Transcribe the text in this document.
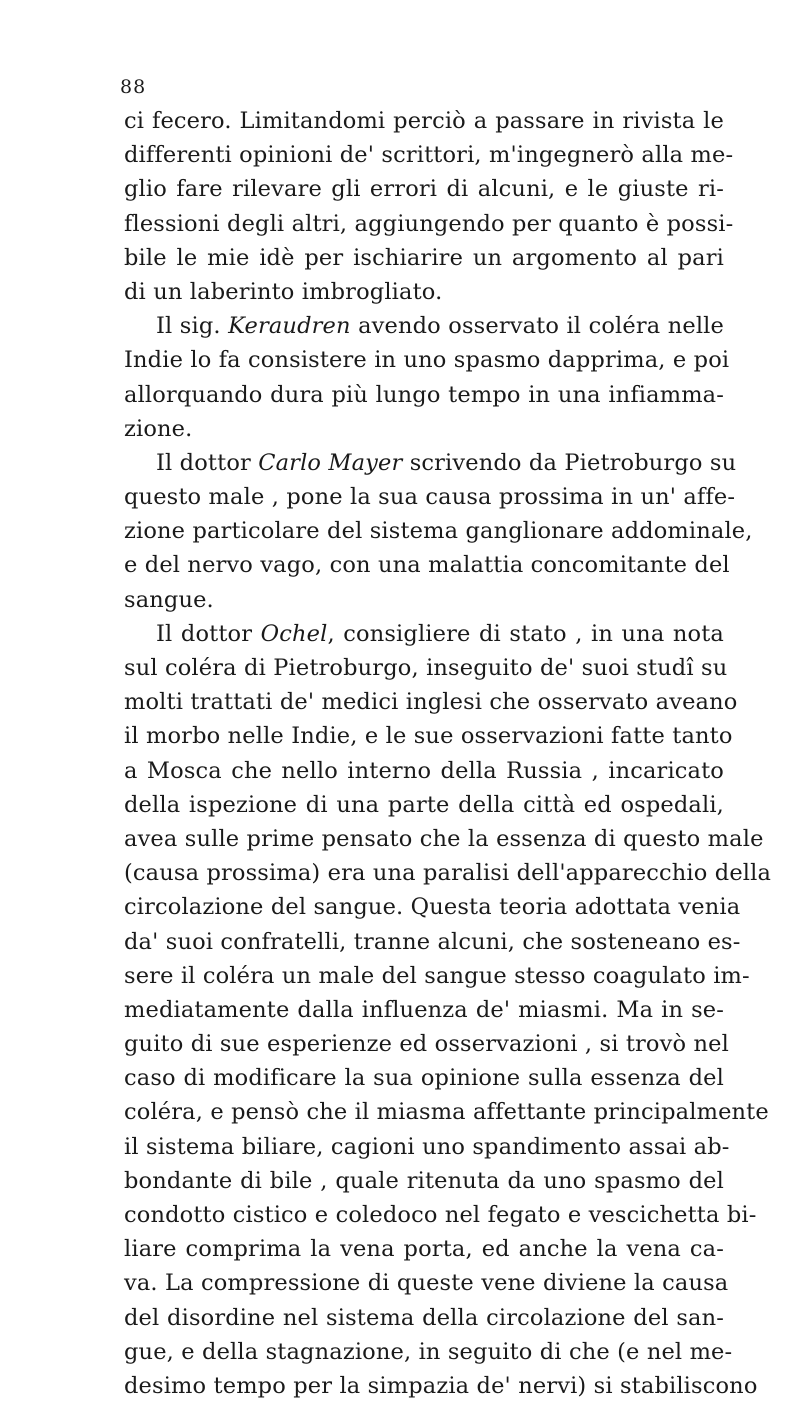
88
ci fecero. Limitandomi perciò a passare in rivista le
differenti opinioni de' scrittori, m'ingegnerò alla me-
glio fare rilevare gli errori di alcuni, e le giuste ri-
flessioni degli altri, aggiungendo per quanto è possi-
bile le mie idè per ischiarire un argomento al pari
di un laberinto imbrogliato.
Il sig. Keraudren avendo osservato il coléra nelle
Indie lo fa consistere in uno spasmo dapprima, e poi
allorquando dura più lungo tempo in una infiamma-
zione.
Il dottor Carlo Mayer scrivendo da Pietroburgo su
questo male , pone la sua causa prossima in un' affe-
zione particolare del sistema ganglionare addominale,
e del nervo vago, con una malattia concomitante del
sangue.
Il dottor Ochel, consigliere di stato , in una nota
sul coléra di Pietroburgo, inseguito de' suoi studî su
molti trattati de' medici inglesi che osservato aveano
il morbo nelle Indie, e le sue osservazioni fatte tanto
a Mosca che nello interno della Russia , incaricato
della ispezione di una parte della città ed ospedali,
avea sulle prime pensato che la essenza di questo male
(causa prossima) era una paralisi dell'apparecchio della
circolazione del sangue. Questa teoria adottata venia
da' suoi confratelli, tranne alcuni, che sosteneano es-
sere il coléra un male del sangue stesso coagulato im-
mediatamente dalla influenza de' miasmi. Ma in se-
guito di sue esperienze ed osservazioni , si trovò nel
caso di modificare la sua opinione sulla essenza del
coléra, e pensò che il miasma affettante principalmente
il sistema biliare, cagioni uno spandimento assai ab-
bondante di bile , quale ritenuta da uno spasmo del
condotto cistico e coledoco nel fegato e vescichetta bi-
liare comprima la vena porta, ed anche la vena ca-
va. La compressione di queste vene diviene la causa
del disordine nel sistema della circolazione del san-
gue, e della stagnazione, in seguito di che (e nel me-
desimo tempo per la simpazia de' nervi) si stabiliscono
